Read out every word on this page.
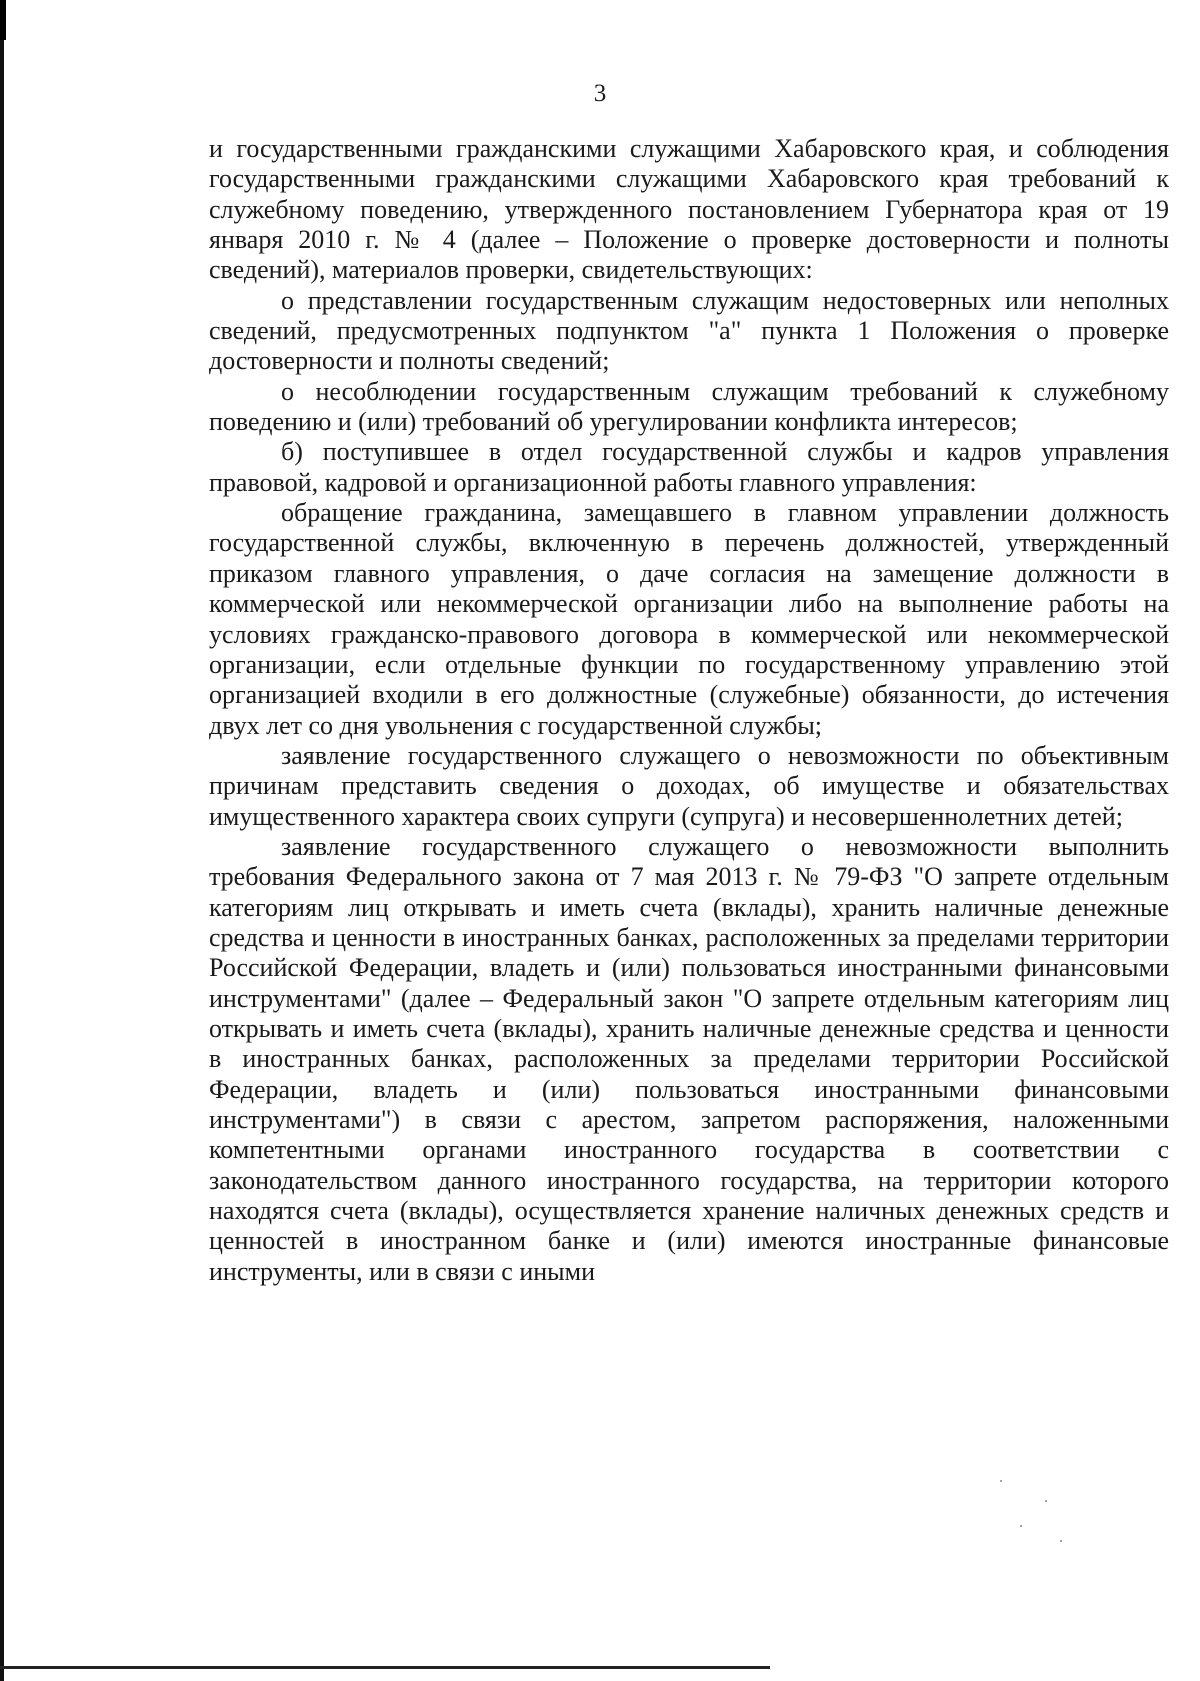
3

и государственными гражданскими служащими Хабаровского края, и соблюдения государственными гражданскими служащими Хабаровского края требований к служебному поведению, утвержденного постановлением Губернатора края от 19 января 2010 г. № 4 (далее – Положение о проверке достоверности и полноты сведений), материалов проверки, свидетельствующих:

о представлении государственным служащим недостоверных или неполных сведений, предусмотренных подпунктом "а" пункта 1 Положения о проверке достоверности и полноты сведений;

о несоблюдении государственным служащим требований к служебному поведению и (или) требований об урегулировании конфликта интересов;

б) поступившее в отдел государственной службы и кадров управления правовой, кадровой и организационной работы главного управления:

обращение гражданина, замещавшего в главном управлении должность государственной службы, включенную в перечень должностей, утвержденный приказом главного управления, о даче согласия на замещение должности в коммерческой или некоммерческой организации либо на выполнение работы на условиях гражданско-правового договора в коммерческой или некоммерческой организации, если отдельные функции по государственному управлению этой организацией входили в его должностные (служебные) обязанности, до истечения двух лет со дня увольнения с государственной службы;

заявление государственного служащего о невозможности по объективным причинам представить сведения о доходах, об имуществе и обязательствах имущественного характера своих супруги (супруга) и несовершеннолетних детей;

заявление государственного служащего о невозможности выполнить требования Федерального закона от 7 мая 2013 г. № 79-ФЗ "О запрете отдельным категориям лиц открывать и иметь счета (вклады), хранить наличные денежные средства и ценности в иностранных банках, расположенных за пределами территории Российской Федерации, владеть и (или) пользоваться иностранными финансовыми инструментами" (далее – Федеральный закон "О запрете отдельным категориям лиц открывать и иметь счета (вклады), хранить наличные денежные средства и ценности в иностранных банках, расположенных за пределами территории Российской Федерации, владеть и (или) пользоваться иностранными финансовыми инструментами") в связи с арестом, запретом распоряжения, наложенными компетентными органами иностранного государства в соответствии с законодательством данного иностранного государства, на территории которого находятся счета (вклады), осуществляется хранение наличных денежных средств и ценностей в иностранном банке и (или) имеются иностранные финансовые инструменты, или в связи с иными
